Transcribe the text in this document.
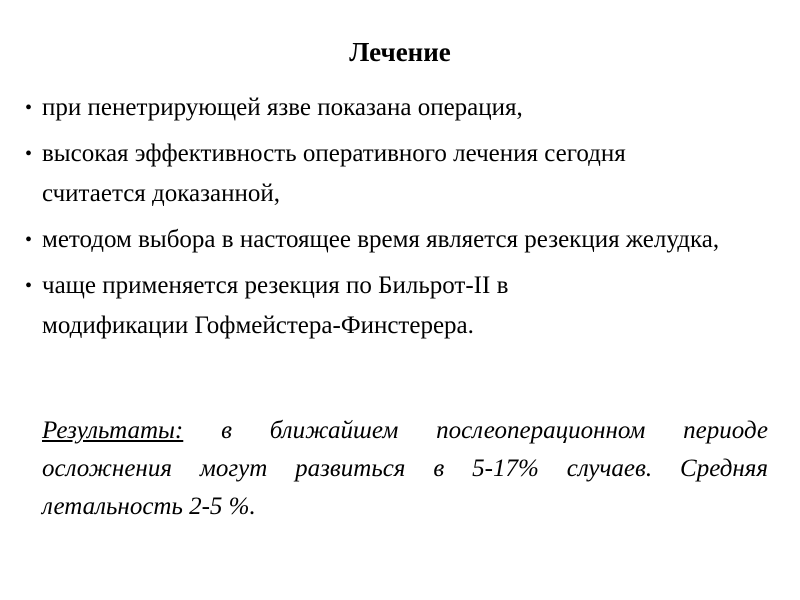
Лечение
• при пенетрирующей язве показана операция,
• высокая эффективность оперативного лечения сегодня считается доказанной,
• методом выбора в настоящее время является резекция желудка,
• чаще применяется резекция по Бильрот-II в модификации Гофмейстера-Финстерера.
Результаты: в ближайшем послеоперационном периоде осложнения могут развиться в 5-17% случаев. Средняя летальность 2-5 %.
